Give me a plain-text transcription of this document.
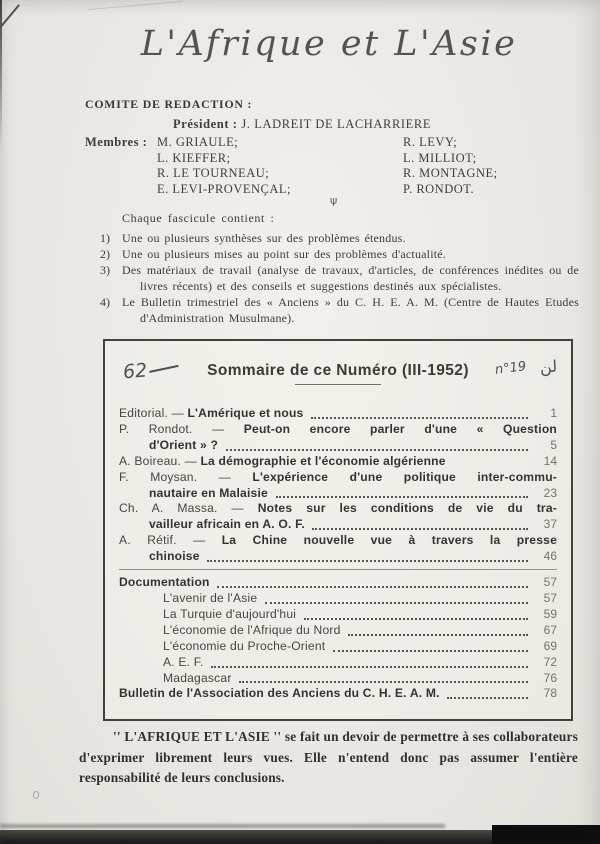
L'Afrique et L'Asie
COMITE DE REDACTION :
Président : J. LADREIT DE LACHARRIERE
Membres : M. GRIAULE;
L. KIEFFER;
R. LE TOURNEAU;
E. LEVI-PROVENÇAL;
R. LEVY;
L. MILLIOT;
R. MONTAGNE;
P. RONDOT.
ψ
Chaque fascicule contient :
1)	Une ou plusieurs synthèses sur des problèmes étendus.
2)	Une ou plusieurs mises au point sur des problèmes d'actualité.
3)	Des matériaux de travail (analyse de travaux, d'articles, de conférences inédites ou de livres récents) et des conseils et suggestions destinés aux spécialistes.
4)	Le Bulletin trimestriel des « Anciens » du C. H. E. A. M. (Centre de Hautes Etudes d'Administration Musulmane).
62	Sommaire de ce Numéro (III-1952)	n°19 لن
Editorial. — L'Amérique et nous	1
P. Rondot. — Peut-on encore parler d'une « Question
d'Orient » ?	5
A. Boireau. — La démographie et l'économie algérienne	14
F. Moysan. — L'expérience d'une politique inter-commu-
nautaire en Malaisie	23
Ch. A. Massa. — Notes sur les conditions de vie du tra-
vailleur africain en A. O. F.	37
A. Rétif. — La Chine nouvelle vue à travers la presse
chinoise	46
Documentation	57
L'avenir de l'Asie	57
La Turquie d'aujourd'hui	59
L'économie de l'Afrique du Nord	67
L'économie du Proche-Orient	69
A. E. F.	72
Madagascar	76
Bulletin de l'Association des Anciens du C. H. E. A. M.	78
'' L'AFRIQUE ET L'ASIE '' se fait un devoir de permettre à ses collaborateurs d'exprimer librement leurs vues. Elle n'entend donc pas assumer l'entière responsabilité de leurs conclusions.
